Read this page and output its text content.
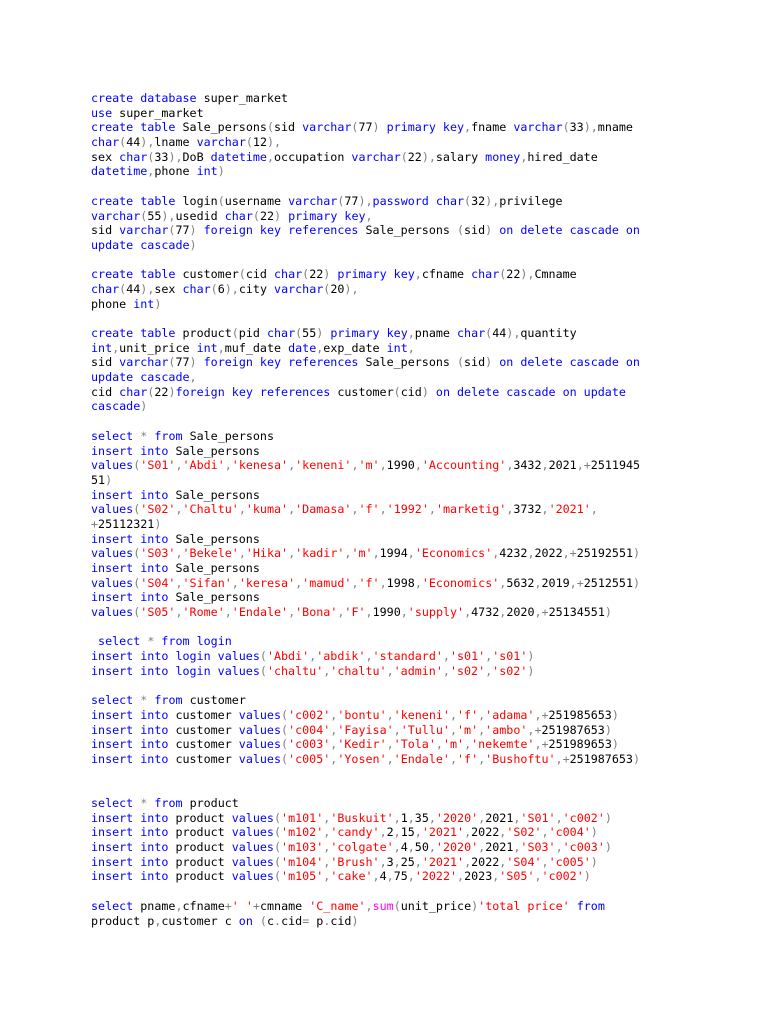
create database super_market
use super_market
create table Sale_persons(sid varchar(77) primary key,fname varchar(33),mname
char(44),lname varchar(12),
sex char(33),DoB datetime,occupation varchar(22),salary money,hired_date
datetime,phone int)
create table login(username varchar(77),password char(32),privilege
varchar(55),usedid char(22) primary key,
sid varchar(77) foreign key references Sale_persons (sid) on delete cascade on
update cascade)
create table customer(cid char(22) primary key,cfname char(22),Cmname
char(44),sex char(6),city varchar(20),
phone int)
create table product(pid char(55) primary key,pname char(44),quantity
int,unit_price int,muf_date date,exp_date int,
sid varchar(77) foreign key references Sale_persons (sid) on delete cascade on
update cascade,
cid char(22)foreign key references customer(cid) on delete cascade on update
cascade)
select * from Sale_persons
insert into Sale_persons
values('S01','Abdi','kenesa','keneni','m',1990,'Accounting',3432,2021,+2511945
51)
insert into Sale_persons
values('S02','Chaltu','kuma','Damasa','f','1992','marketig',3732,'2021',
+25112321)
insert into Sale_persons
values('S03','Bekele','Hika','kadir','m',1994,'Economics',4232,2022,+25192551)
insert into Sale_persons
values('S04','Sifan','keresa','mamud','f',1998,'Economics',5632,2019,+2512551)
insert into Sale_persons
values('S05','Rome','Endale','Bona','F',1990,'supply',4732,2020,+25134551)
select * from login
insert into login values('Abdi','abdik','standard','s01','s01')
insert into login values('chaltu','chaltu','admin','s02','s02')
select * from customer
insert into customer values('c002','bontu','keneni','f','adama',+251985653)
insert into customer values('c004','Fayisa','Tullu','m','ambo',+251987653)
insert into customer values('c003','Kedir','Tola','m','nekemte',+251989653)
insert into customer values('c005','Yosen','Endale','f','Bushoftu',+251987653)
select * from product
insert into product values('m101','Buskuit',1,35,'2020',2021,'S01','c002')
insert into product values('m102','candy',2,15,'2021',2022,'S02','c004')
insert into product values('m103','colgate',4,50,'2020',2021,'S03','c003')
insert into product values('m104','Brush',3,25,'2021',2022,'S04','c005')
insert into product values('m105','cake',4,75,'2022',2023,'S05','c002')
select pname,cfname+' '+cmname 'C_name',sum(unit_price)'total price' from
product p,customer c on (c.cid= p.cid)
